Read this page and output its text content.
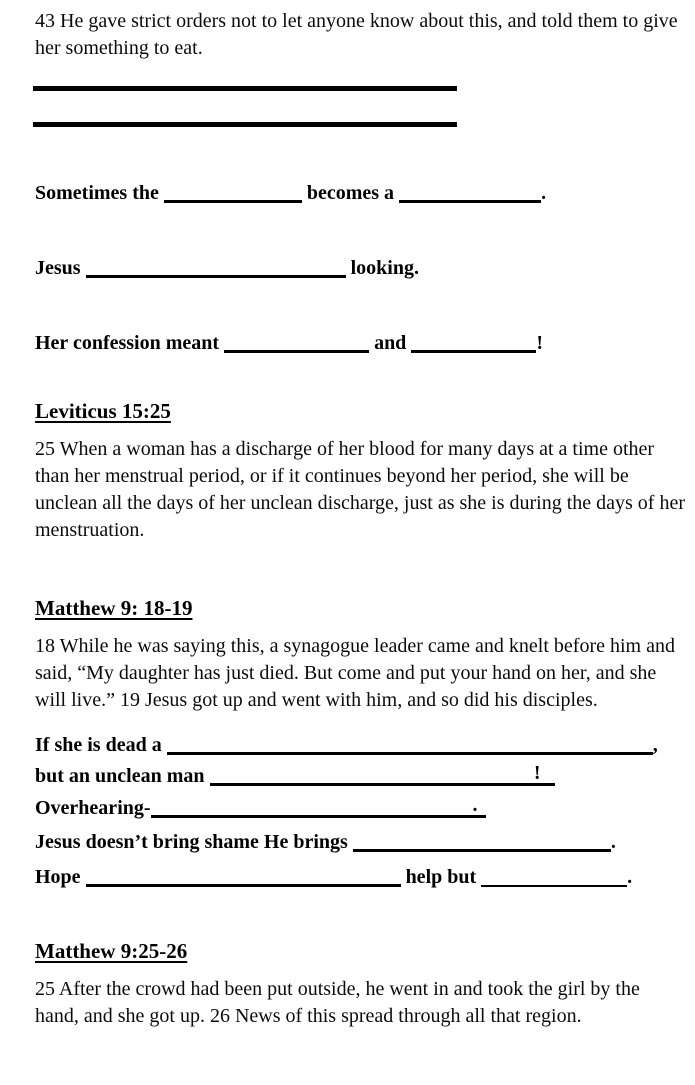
43 He gave strict orders not to let anyone know about this, and told them to give her something to eat.

Sometimes the	becomes a	.

Jesus	looking.

Her confession meant	and	!

Leviticus 15:25

25 When a woman has a discharge of her blood for many days at a time other than her menstrual period, or if it continues beyond her period, she will be unclean all the days of her unclean discharge, just as she is during the days of her menstruation.

Matthew 9: 18-19

18 While he was saying this, a synagogue leader came and knelt before him and said, “My daughter has just died. But come and put your hand on her, and she will live.” 19 Jesus got up and went with him, and so did his disciples.

If she is dead a	,
but an unclean man	!

Overhearing-	.

Jesus doesn’t bring shame He brings	.

Hope	help but	.

Matthew 9:25-26

25 After the crowd had been put outside, he went in and took the girl by the hand, and she got up. 26 News of this spread through all that region.
